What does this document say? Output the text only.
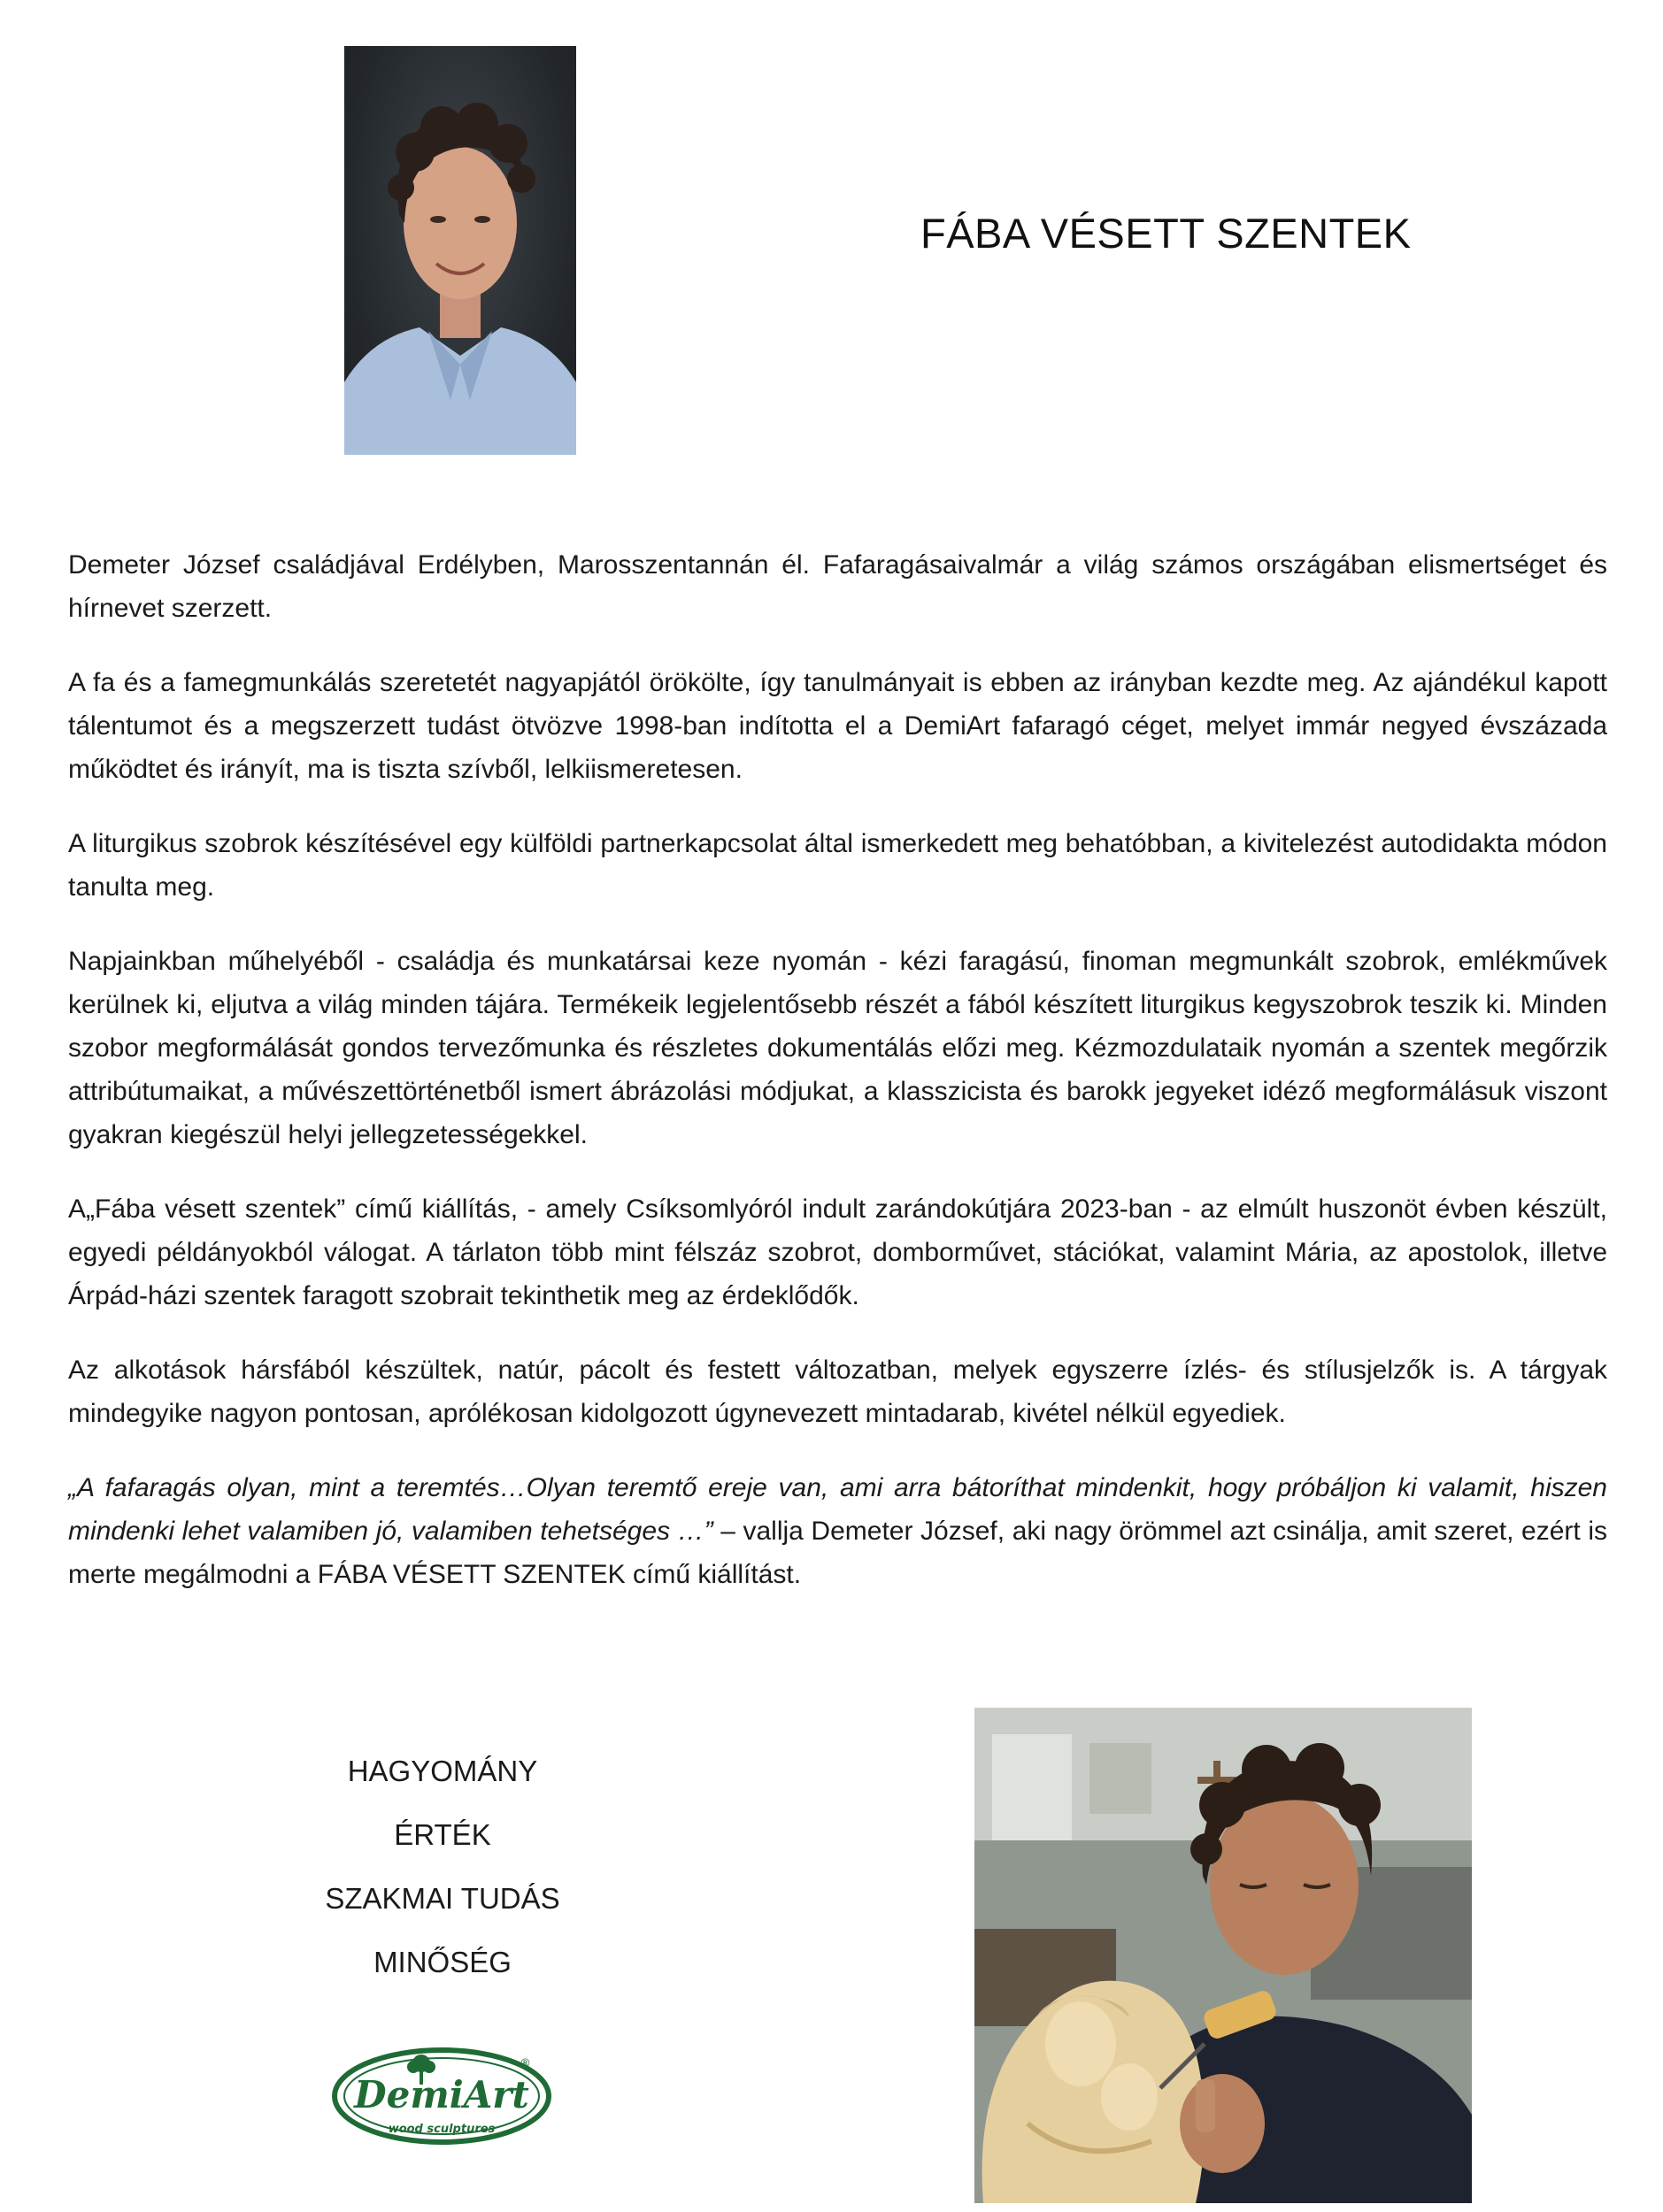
FÁBA VÉSETT SZENTEK

Demeter József családjával Erdélyben, Marosszentannán él. Fafaragásaivalmár a világ számos országában elismertséget és hírnevet szerzett.

A fa és a famegmunkálás szeretetét nagyapjától örökölte, így tanulmányait is ebben az irányban kezdte meg. Az ajándékul kapott tálentumot és a megszerzett tudást ötvözve 1998-ban indította el a DemiArt fafaragó céget, melyet immár negyed évszázada működtet és irányít, ma is tiszta szívből, lelkiismeretesen.

A liturgikus szobrok készítésével egy külföldi partnerkapcsolat által ismerkedett meg behatóbban, a kivitelezést autodidakta módon tanulta meg.

Napjainkban műhelyéből - családja és munkatársai keze nyomán - kézi faragású, finoman megmunkált szobrok, emlékművek kerülnek ki, eljutva a világ minden tájára. Termékeik legjelentősebb részét a fából készített liturgikus kegyszobrok teszik ki. Minden szobor megformálását gondos tervezőmunka és részletes dokumentálás előzi meg. Kézmozdulataik nyomán a szentek megőrzik attribútumaikat, a művészettörténetből ismert ábrázolási módjukat, a klasszicista és barokk jegyeket idéző megformálásuk viszont gyakran kiegészül helyi jellegzetességekkel.

A„Fába vésett szentek” című kiállítás, - amely Csíksomlyóról indult zarándokútjára 2023-ban - az elmúlt huszonöt évben készült, egyedi példányokból válogat. A tárlaton több mint félszáz szobrot, domborművet, stációkat, valamint Mária, az apostolok, illetve Árpád-házi szentek faragott szobrait tekinthetik meg az érdeklődők.

Az alkotások hársfából készültek, natúr, pácolt és festett változatban, melyek egyszerre ízlés- és stílusjelzők is. A tárgyak mindegyike nagyon pontosan, aprólékosan kidolgozott úgynevezett mintadarab, kivétel nélkül egyediek.

„A fafaragás olyan, mint a teremtés…Olyan teremtő ereje van, ami arra bátoríthat mindenkit, hogy próbáljon ki valamit, hiszen mindenki lehet valamiben jó, valamiben tehetséges …” – vallja Demeter József, aki nagy örömmel azt csinálja, amit szeret, ezért is merte megálmodni a FÁBA VÉSETT SZENTEK című kiállítást.

HAGYOMÁNY
ÉRTÉK
SZAKMAI TUDÁS
MINŐSÉG
DemiArt
®
wood sculptures
